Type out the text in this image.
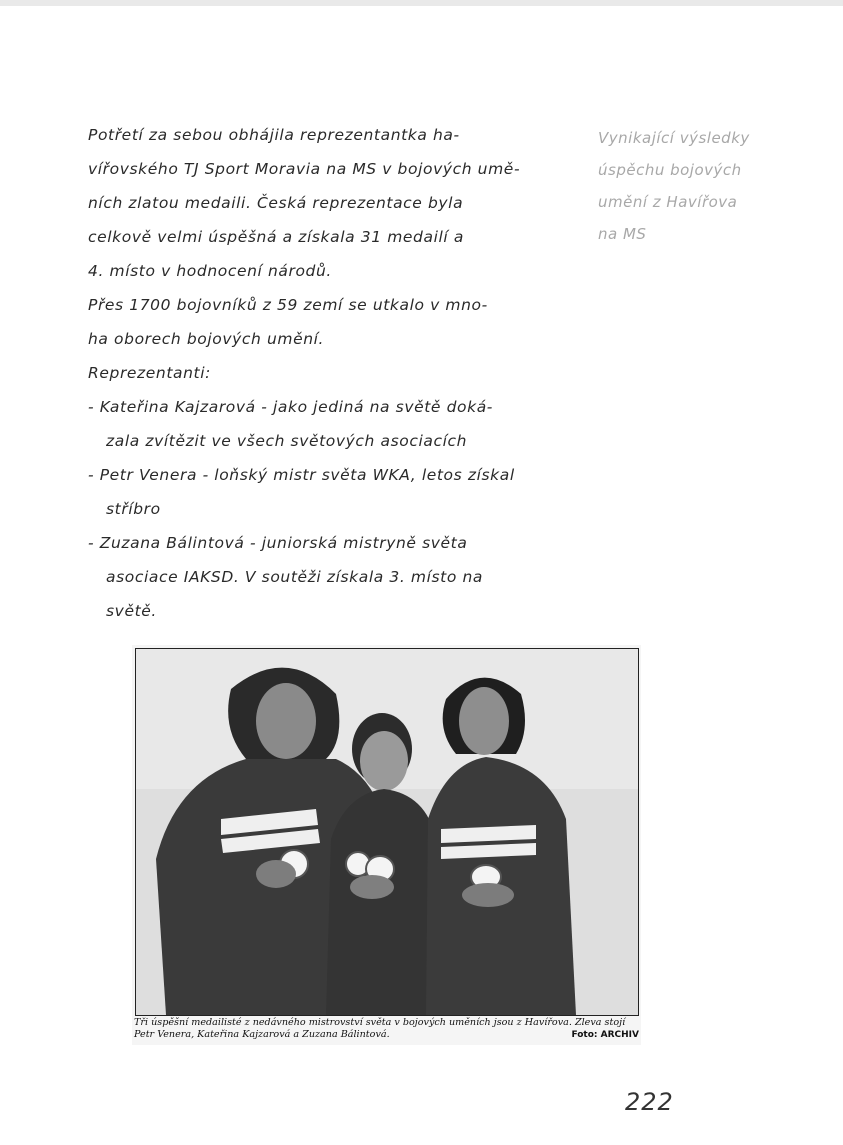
Potřetí za sebou obhájila reprezentantka ha-
vířovského TJ Sport Moravia na MS v bojových umě-
ních zlatou medaili. Česká reprezentace byla
celkově velmi úspěšná a získala 31 medailí a
4. místo v hodnocení národů.
Přes 1700 bojovníků z 59 zemí se utkalo v mno-
ha oborech bojových umění.
Reprezentanti:
- Kateřina Kajzarová - jako jediná na světě doká-
zala zvítězit ve všech světových asociacích
- Petr Venera - loňský mistr světa WKA, letos získal
stříbro
- Zuzana Bálintová - juniorská mistryně světa
asociace IAKSD. V soutěži získala 3. místo na
světě.
Vynikající výsledky
úspěchu bojových
umění z Havířova
na MS
Tři úspěšní medailisté z nedávného mistrovství světa v bojových uměních jsou z Havířova. Zleva stojí Petr Venera, Kateřina Kajzarová a Zuzana Bálintová.	Foto: ARCHIV
222
